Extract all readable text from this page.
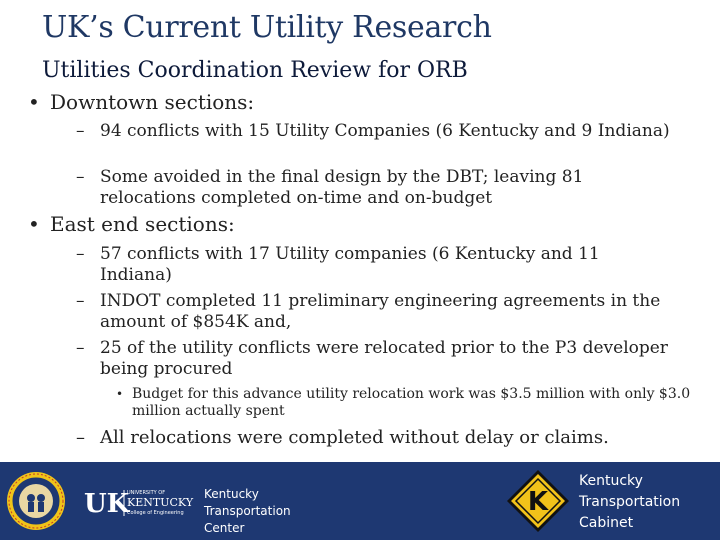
UK’s Current Utility Research
Utilities Coordination Review for ORB
• Downtown sections:
– 94 conflicts with 15 Utility Companies (6 Kentucky and 9 Indiana)
– Some avoided in the final design by the DBT; leaving 81 relocations completed on-time and on-budget
• East end sections:
– 57 conflicts with 17 Utility companies (6 Kentucky and 11 Indiana)
– INDOT completed 11 preliminary engineering agreements in the amount of $854K and,
– 25 of the utility conflicts were relocated prior to the P3 developer being procured
• Budget for this advance utility relocation work was $3.5 million with only $3.0 million actually spent
– All relocations were completed without delay or claims.
UK
UNIVERSITY OF
KENTUCKY
College of Engineering
Kentucky
Transportation
Center
K
Kentucky
Transportation
Cabinet
